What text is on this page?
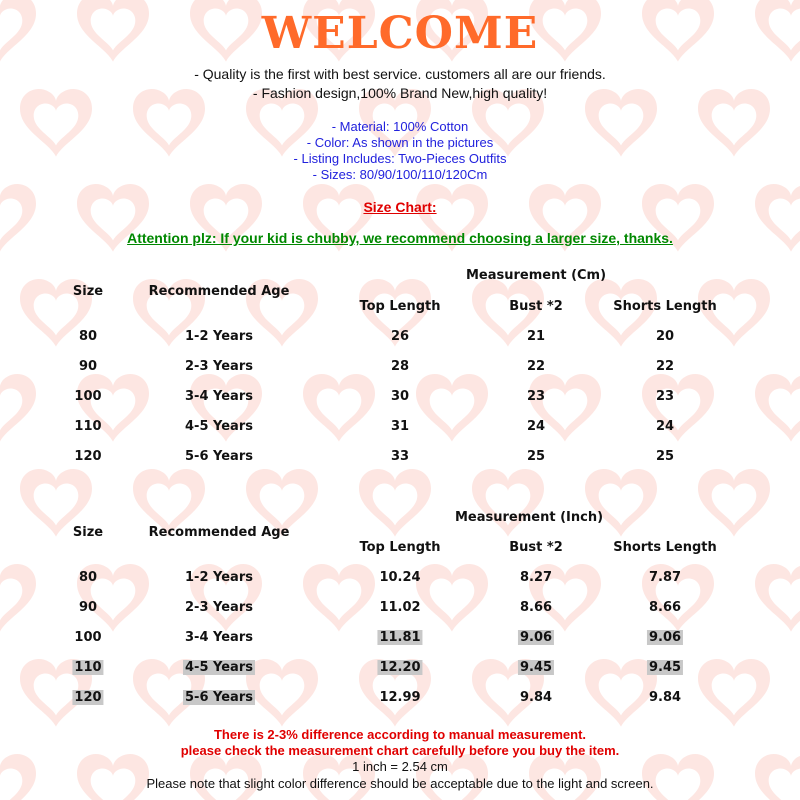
WELCOME
- Quality is the first with best service. customers all are our friends.
- Fashion design,100% Brand New,high quality!
- Material: 100% Cotton
- Color: As shown in the pictures
- Listing Includes: Two-Pieces Outfits
- Sizes: 80/90/100/110/120Cm
Size Chart:
Attention plz: If your kid is chubby, we recommend choosing a larger size, thanks.
Measurement (Cm)
Size	Recommended Age
Top Length	Bust *2	Shorts Length
80	1-2 Years	26	21	20
90	2-3 Years	28	22	22
100	3-4 Years	30	23	23
110	4-5 Years	31	24	24
120	5-6 Years	33	25	25
Measurement (Inch)
Size	Recommended Age
Top Length	Bust *2	Shorts Length
80	1-2 Years	10.24	8.27	7.87
90	2-3 Years	11.02	8.66	8.66
100	3-4 Years	11.81	9.06	9.06
110	4-5 Years	12.20	9.45	9.45
120	5-6 Years	12.99	9.84	9.84
There is 2-3% difference according to manual measurement.
please check the measurement chart carefully before you buy the item.
1 inch = 2.54 cm
Please note that slight color difference should be acceptable due to the light and screen.
